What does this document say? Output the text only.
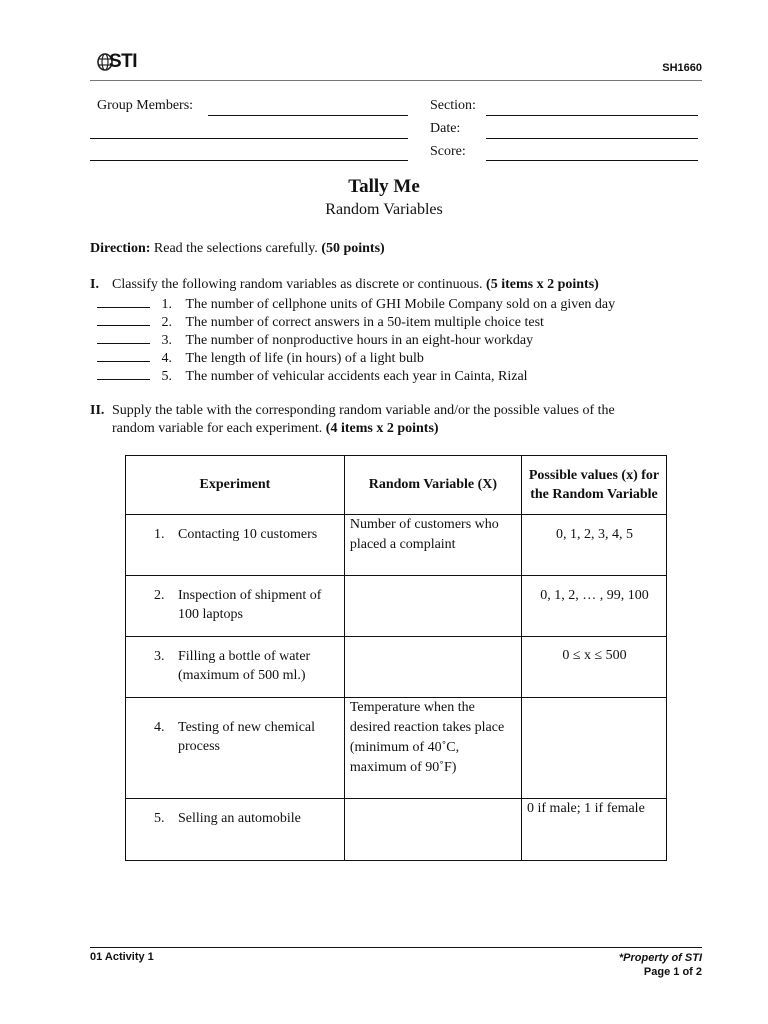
STI	SH1660
Group Members:	Section:
Date:
Score:
Tally Me
Random Variables
Direction: Read the selections carefully. (50 points)
I. Classify the following random variables as discrete or continuous. (5 items x 2 points)
1. The number of cellphone units of GHI Mobile Company sold on a given day
2. The number of correct answers in a 50-item multiple choice test
3. The number of nonproductive hours in an eight-hour workday
4. The length of life (in hours) of a light bulb
5. The number of vehicular accidents each year in Cainta, Rizal
II. Supply the table with the corresponding random variable and/or the possible values of the
random variable for each experiment. (4 items x 2 points)
Experiment	Random Variable (X)	Possible values (x) for the Random Variable

1. Contacting 10 customers	Number of customers who placed a complaint	0, 1, 2, 3, 4, 5

2. Inspection of shipment of 100 laptops		0, 1, 2, … , 99, 100

3. Filling a bottle of water (maximum of 500 ml.)		0 ≤ x ≤ 500

4. Testing of new chemical process	Temperature when the desired reaction takes place (minimum of 40˚C, maximum of 90˚F)	

5. Selling an automobile		0 if male; 1 if female
01 Activity 1	*Property of STI
Page 1 of 2
